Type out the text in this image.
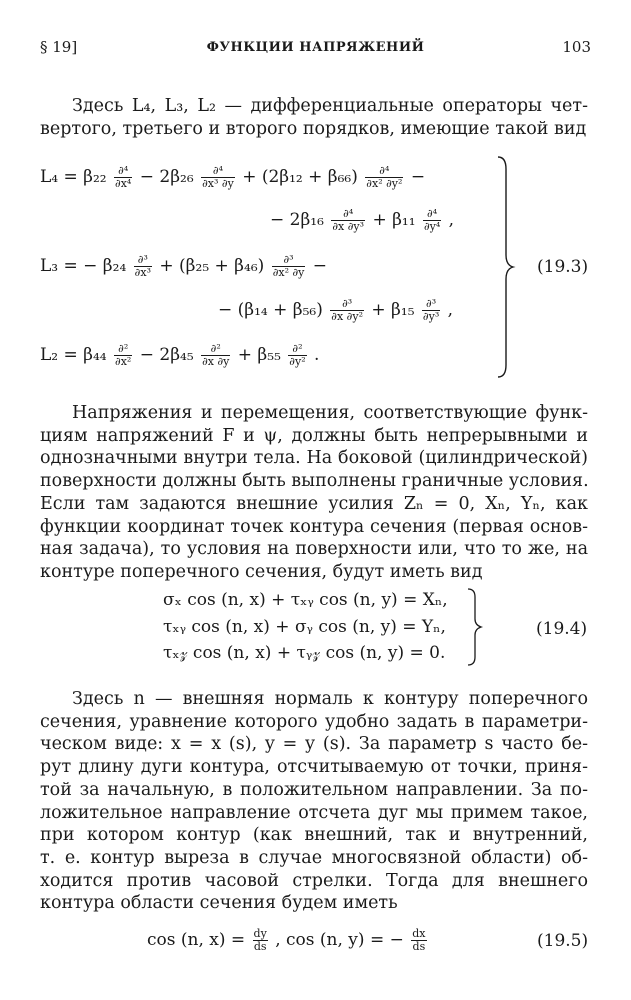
§ 19]	ФУНКЦИИ НАПРЯЖЕНИЙ	103
Здесь L₄, L₃, L₂ — дифференциальные операторы чет-
вертого, третьего и второго порядков, имеющие такой вид
$L_4 = \beta_{22} \frac{\text{∂⁴}}{\text{∂x⁴}} - 2\beta_{26} \frac{\text{∂⁴}}{\text{∂x³ ∂y}} + (2\beta_{12} + \beta_{66}) \frac{\text{∂⁴}}{\text{∂x² ∂y²}}$ −
− $2\beta_{16} \frac{\text{∂⁴}}{\text{∂x ∂y³}} + \beta_{11} \frac{\text{∂⁴}}{\text{∂y⁴}}$ ,
L₃ = − $\beta_{24} \frac{\text{∂³}}{\text{∂x³}} + (\beta_{25} + \beta_{46}) \frac{\text{∂³}}{\text{∂x² ∂y}}$ −
− $(\beta_{14} + \beta_{56}) \frac{\text{∂³}}{\text{∂x ∂y²}} + \beta_{15} \frac{\text{∂³}}{\text{∂y³}}$ ,
$L_2 = \beta_{44} \frac{\text{∂²}}{\text{∂x²}} - 2\beta_{45} \frac{\text{∂²}}{\partial x \partial y} + \beta_{55} \frac{\text{∂²}}{\text{∂y²}}$ .
(19.3)
Напряжения и перемещения, соответствующие функ-
циям напряжений F и ψ, должны быть непрерывными и
однозначными внутри тела. На боковой (цилиндрической)
поверхности должны быть выполнены граничные условия.
Если там задаются внешние усилия Zₙ = 0, Xₙ, Yₙ, как
функции координат точек контура сечения (первая основ-
ная задача), то условия на поверхности или, что то же, на
контуре поперечного сечения, будут иметь вид
σₓ cos (n, x) + τₓᵧ cos (n, y) = Xₙ,
τₓᵧ cos (n, x) + σᵧ cos (n, y) = Yₙ,
τₓ𝓏 cos (n, x) + τᵧ𝓏 cos (n, y) = 0.
(19.4)
Здесь n — внешняя нормаль к контуру поперечного
сечения, уравнение которого удобно задать в параметри-
ческом виде: x = x (s), y = y (s). За параметр s часто бе-
рут длину дуги контура, отсчитываемую от точки, приня-
той за начальную, в положительном направлении. За по-
ложительное направление отсчета дуг мы примем такое,
при котором контур (как внешний, так и внутренний,
т. е. контур выреза в случае многосвязной области) об-
ходится против часовой стрелки. Тогда для внешнего
контура области сечения будем иметь
cos (n, $x) = \frac{dy}{ds}$ , cos (n, y) = − $\frac{dx}{ds}$	(19.5)
